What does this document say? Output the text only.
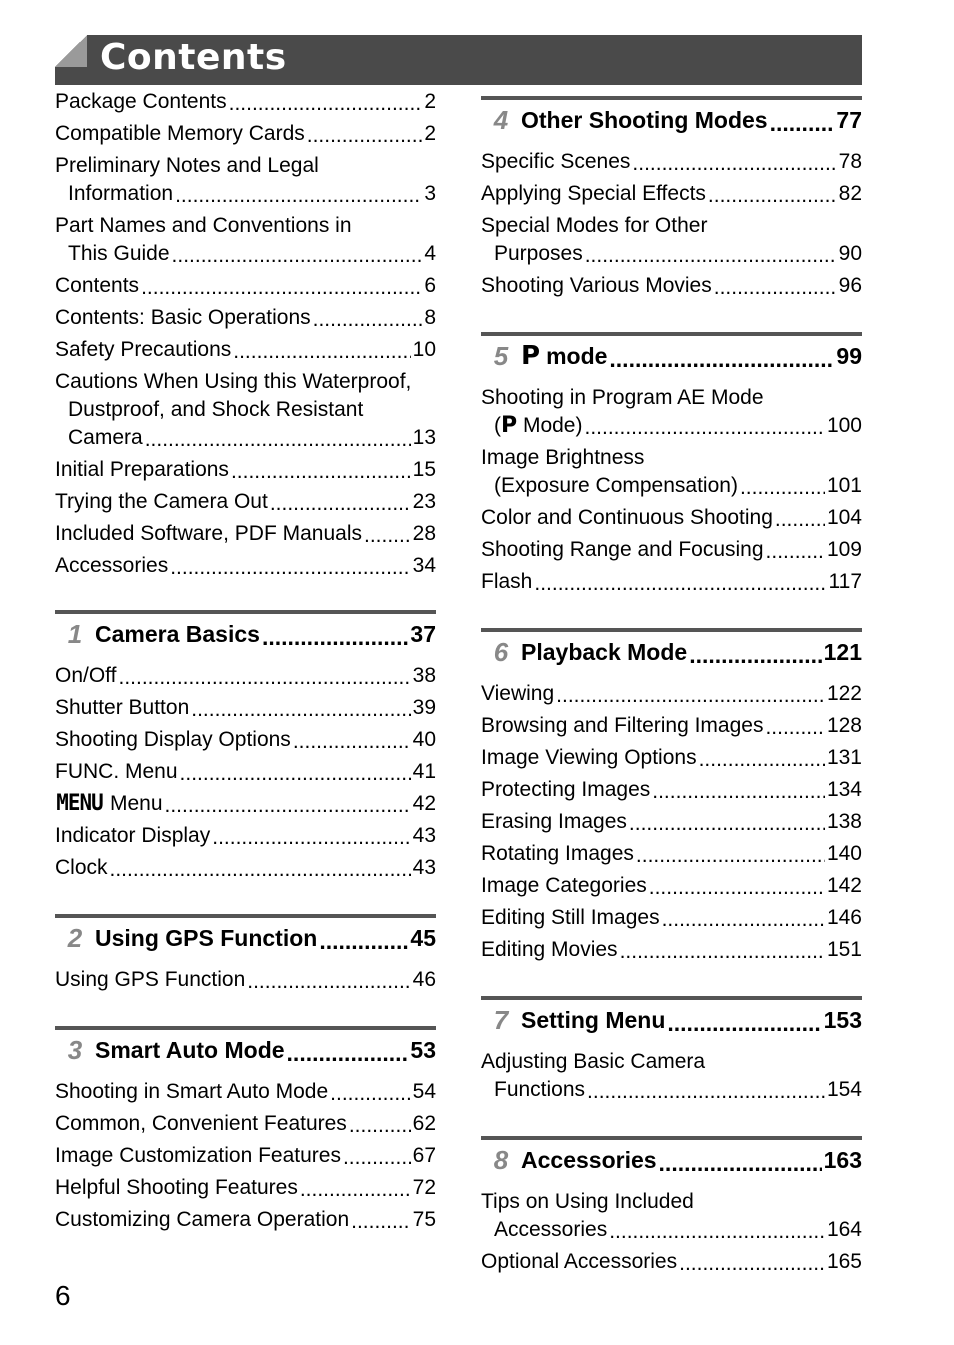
Contents
Package Contents .....	2
Compatible Memory Cards .....	2
Preliminary Notes and Legal
Information .....	3
Part Names and Conventions in
This Guide .....	4
Contents .....	6
Contents: Basic Operations .....	8
Safety Precautions .....	10
Cautions When Using this Waterproof,
Dustproof, and Shock Resistant
Camera .....	13
Initial Preparations .....	15
Trying the Camera Out .....	23
Included Software, PDF Manuals ..... 28
Accessories .....	34
1 Camera Basics .....	37
On/Off .....	38
Shutter Button .....	39
Shooting Display Options .....	40
FUNC. Menu .....	41
MENU Menu .....	42
Indicator Display .....	43
Clock .....	43
2 Using GPS Function .....	45
Using GPS Function .....	46
3 Smart Auto Mode .....	53
Shooting in Smart Auto Mode .....	54
Common, Convenient Features .....	62
Image Customization Features .....	67
Helpful Shooting Features .....	72
Customizing Camera Operation .....	75
4 Other Shooting Modes .....	77
Specific Scenes .....	78
Applying Special Effects .....	82
Special Modes for Other
Purposes .....	90
Shooting Various Movies .....	96
5 P mode .....	99
Shooting in Program AE Mode
( P Mode) .....	100
Image Brightness
(Exposure Compensation) .....	101
Color and Continuous Shooting .....	104
Shooting Range and Focusing .....	109
Flash .....	117
6 Playback Mode .....	121
Viewing .....	122
Browsing and Filtering Images .....	128
Image Viewing Options .....	131
Protecting Images .....	134
Erasing Images .....	138
Rotating Images .....	140
Image Categories .....	142
Editing Still Images .....	146
Editing Movies .....	151
7 Setting Menu .....	153
Adjusting Basic Camera
Functions .....	154
8 Accessories .....	163
Tips on Using Included
Accessories .....	164
Optional Accessories .....	165
6
